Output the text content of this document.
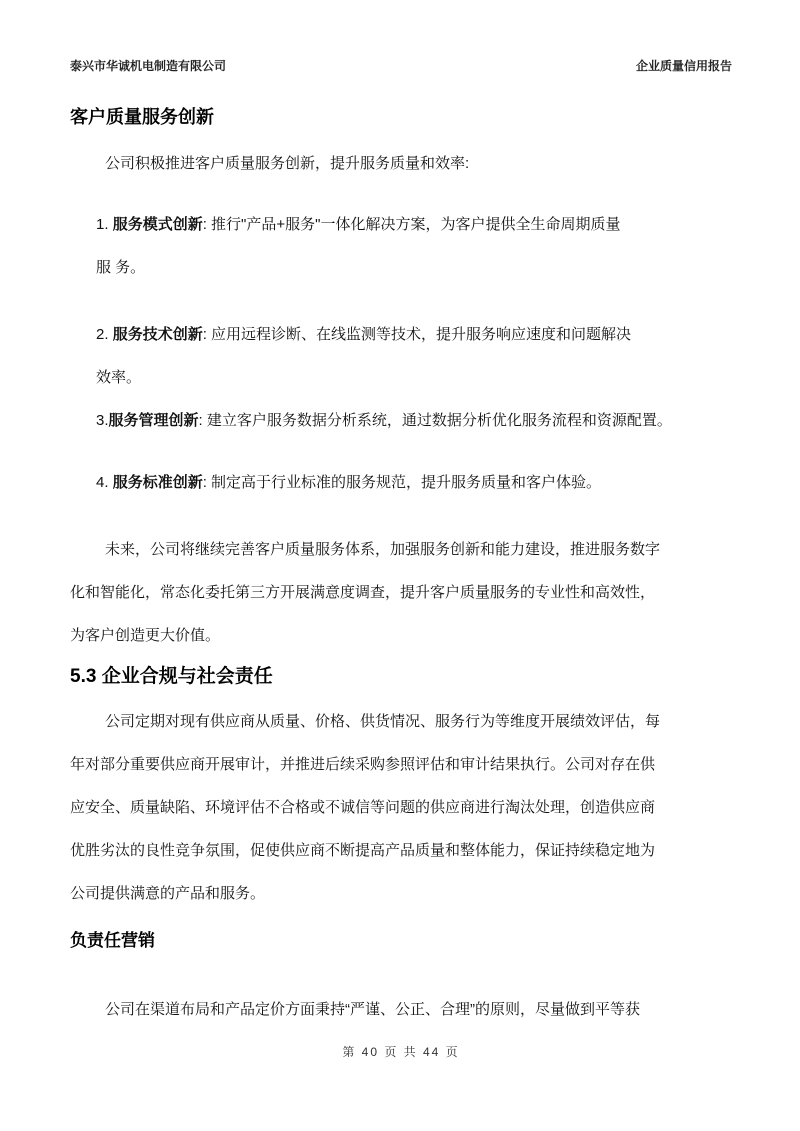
泰兴市华诚机电制造有限公司	企业质量信用报告
客户质量服务创新
公司积极推进客户质量服务创新，提升服务质量和效率:
1. 服务模式创新: 推行"产品+服务"一体化解决方案，为客户提供全生命周期质量
服 务。
2. 服务技术创新: 应用远程诊断、在线监测等技术，提升服务响应速度和问题解决
效率。
3.服务管理创新: 建立客户服务数据分析系统，通过数据分析优化服务流程和资源配置。
4. 服务标准创新: 制定高于行业标准的服务规范，提升服务质量和客户体验。
未来，公司将继续完善客户质量服务体系，加强服务创新和能力建设，推进服务数字
化和智能化，常态化委托第三方开展满意度调查，提升客户质量服务的专业性和高效性，
为客户创造更大价值。
5.3 企业合规与社会责任
公司定期对现有供应商从质量、价格、供货情况、服务行为等维度开展绩效评估，每
年对部分重要供应商开展审计，并推进后续采购参照评估和审计结果执行。公司对存在供
应安全、质量缺陷、环境评估不合格或不诚信等问题的供应商进行淘汰处理，创造供应商
优胜劣汰的良性竞争氛围，促使供应商不断提高产品质量和整体能力，保证持续稳定地为
公司提供满意的产品和服务。
负责任营销
公司在渠道布局和产品定价方面秉持“严谨、公正、合理”的原则，尽量做到平等获
第 40 页 共 44 页
